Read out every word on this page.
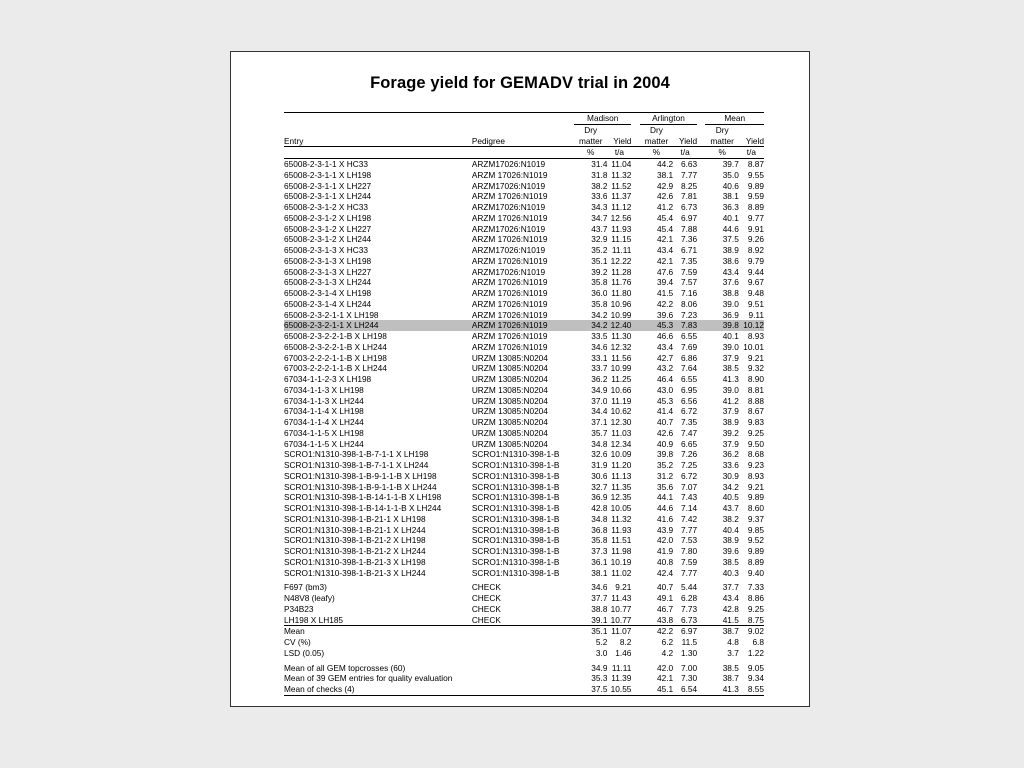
Forage yield for GEMADV trial in 2004
		Madison			Arlington			Mean	
		Dry			Dry			Dry	
Entry	Pedigree	matter	Yield		matter	Yield		matter	Yield
		%	t/a		%	t/a		%	t/a
65008-2-3-1-1 X HC33	ARZM17026:N1019	31.4	11.04		44.2	6.63		39.7	8.87
65008-2-3-1-1 X LH198	ARZM 17026:N1019	31.8	11.32		38.1	7.77		35.0	9.55
65008-2-3-1-1 X LH227	ARZM17026:N1019	38.2	11.52		42.9	8.25		40.6	9.89
65008-2-3-1-1 X LH244	ARZM 17026:N1019	33.6	11.37		42.6	7.81		38.1	9.59
65008-2-3-1-2 X HC33	ARZM17026:N1019	34.3	11.12		41.2	6.73		36.3	8.89
65008-2-3-1-2 X LH198	ARZM 17026:N1019	34.7	12.56		45.4	6.97		40.1	9.77
65008-2-3-1-2 X LH227	ARZM17026:N1019	43.7	11.93		45.4	7.88		44.6	9.91
65008-2-3-1-2 X LH244	ARZM 17026:N1019	32.9	11.15		42.1	7.36		37.5	9.26
65008-2-3-1-3 X HC33	ARZM17026:N1019	35.2	11.11		43.4	6.71		38.9	8.92
65008-2-3-1-3 X LH198	ARZM 17026:N1019	35.1	12.22		42.1	7.35		38.6	9.79
65008-2-3-1-3 X LH227	ARZM17026:N1019	39.2	11.28		47.6	7.59		43.4	9.44
65008-2-3-1-3 X LH244	ARZM 17026:N1019	35.8	11.76		39.4	7.57		37.6	9.67
65008-2-3-1-4 X LH198	ARZM 17026:N1019	36.0	11.80		41.5	7.16		38.8	9.48
65008-2-3-1-4 X LH244	ARZM 17026:N1019	35.8	10.96		42.2	8.06		39.0	9.51
65008-2-3-2-1-1 X LH198	ARZM 17026:N1019	34.2	10.99		39.6	7.23		36.9	9.11
65008-2-3-2-1-1 X LH244	ARZM 17026:N1019	34.2	12.40		45.3	7.83		39.8	10.12
65008-2-3-2-2-1-B X LH198	ARZM 17026:N1019	33.5	11.30		46.6	6.55		40.1	8.93
65008-2-3-2-2-1-B X LH244	ARZM 17026:N1019	34.6	12.32		43.4	7.69		39.0	10.01
67003-2-2-2-1-1-B X LH198	URZM 13085:N0204	33.1	11.56		42.7	6.86		37.9	9.21
67003-2-2-2-1-1-B X LH244	URZM 13085:N0204	33.7	10.99		43.2	7.64		38.5	9.32
67034-1-1-2-3 X LH198	URZM 13085:N0204	36.2	11.25		46.4	6.55		41.3	8.90
67034-1-1-3 X LH198	URZM 13085:N0204	34.9	10.66		43.0	6.95		39.0	8.81
67034-1-1-3 X LH244	URZM 13085:N0204	37.0	11.19		45.3	6.56		41.2	8.88
67034-1-1-4 X LH198	URZM 13085:N0204	34.4	10.62		41.4	6.72		37.9	8.67
67034-1-1-4 X LH244	URZM 13085:N0204	37.1	12.30		40.7	7.35		38.9	9.83
67034-1-1-5 X LH198	URZM 13085:N0204	35.7	11.03		42.6	7.47		39.2	9.25
67034-1-1-5 X LH244	URZM 13085:N0204	34.8	12.34		40.9	6.65		37.9	9.50
SCRO1:N1310-398-1-B-7-1-1 X LH198	SCRO1:N1310-398-1-B	32.6	10.09		39.8	7.26		36.2	8.68
SCRO1:N1310-398-1-B-7-1-1 X LH244	SCRO1:N1310-398-1-B	31.9	11.20		35.2	7.25		33.6	9.23
SCRO1:N1310-398-1-B-9-1-1-B X LH198	SCRO1:N1310-398-1-B	30.6	11.13		31.2	6.72		30.9	8.93
SCRO1:N1310-398-1-B-9-1-1-B X LH244	SCRO1:N1310-398-1-B	32.7	11.35		35.6	7.07		34.2	9.21
SCRO1:N1310-398-1-B-14-1-1-B X LH198	SCRO1:N1310-398-1-B	36.9	12.35		44.1	7.43		40.5	9.89
SCRO1:N1310-398-1-B-14-1-1-B X LH244	SCRO1:N1310-398-1-B	42.8	10.05		44.6	7.14		43.7	8.60
SCRO1:N1310-398-1-B-21-1 X LH198	SCRO1:N1310-398-1-B	34.8	11.32		41.6	7.42		38.2	9.37
SCRO1:N1310-398-1-B-21-1 X LH244	SCRO1:N1310-398-1-B	36.8	11.93		43.9	7.77		40.4	9.85
SCRO1:N1310-398-1-B-21-2 X LH198	SCRO1:N1310-398-1-B	35.8	11.51		42.0	7.53		38.9	9.52
SCRO1:N1310-398-1-B-21-2 X LH244	SCRO1:N1310-398-1-B	37.3	11.98		41.9	7.80		39.6	9.89
SCRO1:N1310-398-1-B-21-3 X LH198	SCRO1:N1310-398-1-B	36.1	10.19		40.8	7.59		38.5	8.89
SCRO1:N1310-398-1-B-21-3 X LH244	SCRO1:N1310-398-1-B	38.1	11.02		42.4	7.77		40.3	9.40

F697 (bm3)	CHECK	34.6	9.21		40.7	5.44		37.7	7.33
N48V8 (leafy)	CHECK	37.7	11.43		49.1	6.28		43.4	8.86
P34B23	CHECK	38.8	10.77		46.7	7.73		42.8	9.25
LH198 X LH185	CHECK	39.1	10.77		43.8	6.73		41.5	8.75
Mean		35.1	11.07		42.2	6.97		38.7	9.02
CV (%)		5.2	8.2		6.2	11.5		4.8	6.8
LSD (0.05)		3.0	1.46		4.2	1.30		3.7	1.22

Mean of all GEM topcrosses (60)		34.9	11.11		42.0	7.00		38.5	9.05
Mean of 39 GEM entries for quality evaluation		35.3	11.39		42.1	7.30		38.7	9.34
Mean of checks (4)		37.5	10.55		45.1	6.54		41.3	8.55
